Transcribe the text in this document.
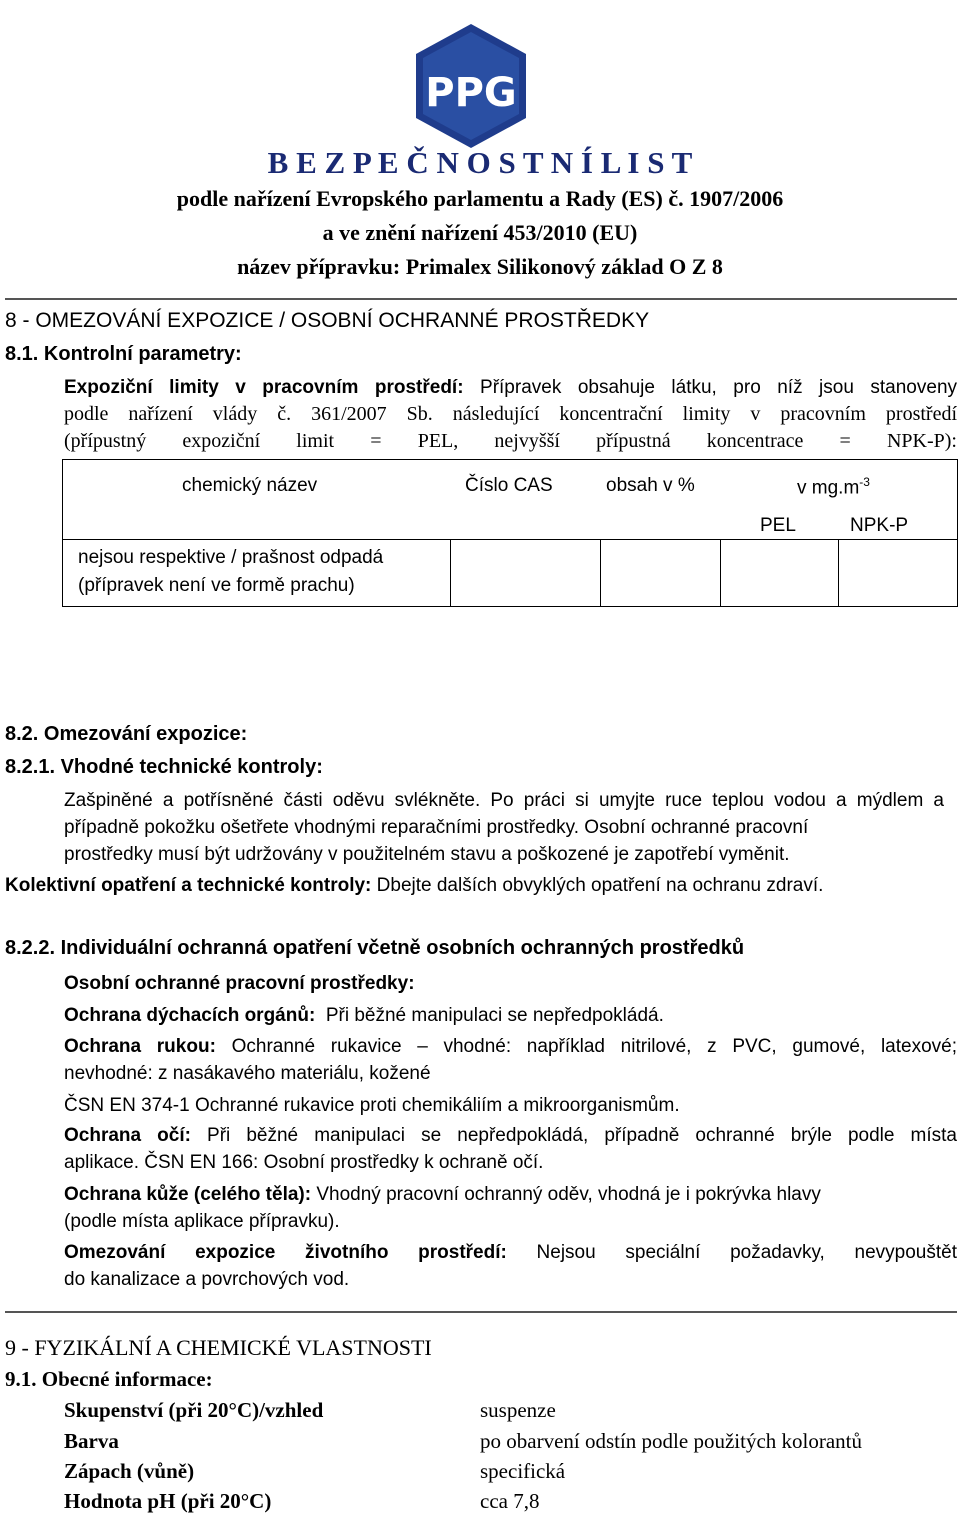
PPG
B E Z P E Č N O S T N Í L I S T
podle nařízení Evropského parlamentu a Rady (ES) č. 1907/2006
a ve znění nařízení 453/2010 (EU)
název přípravku: Primalex Silikonový základ O Z 8
8 - OMEZOVÁNÍ EXPOZICE / OSOBNÍ OCHRANNÉ PROSTŘEDKY
8.1. Kontrolní parametry:
Expoziční limity v pracovním prostředí: Přípravek obsahuje látku, pro níž jsou stanoveny
podle nařízení vlády č. 361/2007 Sb. následující koncentrační limity v pracovním prostředí
(přípustný expoziční limit = PEL, nejvyšší přípustná koncentrace = NPK-P):
chemický název	Číslo CAS	obsah v %	v $mg.m^{-3}$
PEL	NPK-P
nejsou respektive / prašnost odpadá
(přípravek není ve formě prachu)
8.2. Omezování expozice:
8.2.1. Vhodné technické kontroly:
Zašpiněné a potřísněné části oděvu svlékněte. Po práci si umyjte ruce teplou vodou a mýdlem a
případně pokožku ošetřete vhodnými reparačními prostředky. Osobní ochranné pracovní
prostředky musí být udržovány v použitelném stavu a poškozené je zapotřebí vyměnit.
Kolektivní opatření a technické kontroly: Dbejte dalších obvyklých opatření na ochranu zdraví.
8.2.2. Individuální ochranná opatření včetně osobních ochranných prostředků
Osobní ochranné pracovní prostředky:
Ochrana dýchacích orgánů: Při běžné manipulaci se nepředpokládá.
Ochrana rukou: Ochranné rukavice – vhodné: například nitrilové, z PVC, gumové, latexové;
nevhodné: z nasákavého materiálu, kožené
ČSN EN 374-1 Ochranné rukavice proti chemikáliím a mikroorganismům.
Ochrana očí: Při běžné manipulaci se nepředpokládá, případně ochranné brýle podle místa
aplikace. ČSN EN 166: Osobní prostředky k ochraně očí.
Ochrana kůže (celého těla): Vhodný pracovní ochranný oděv, vhodná je i pokrývka hlavy
(podle místa aplikace přípravku).
Omezování expozice životního prostředí: Nejsou speciální požadavky, nevypouštět
do kanalizace a povrchových vod.
9 - FYZIKÁLNÍ A CHEMICKÉ VLASTNOSTI
9.1. Obecné informace:
Skupenství (při 20°C)/vzhled	suspenze
Barva	po obarvení odstín podle použitých kolorantů
Zápach (vůně)	specifická
Hodnota pH (při 20°C)	cca 7,8
